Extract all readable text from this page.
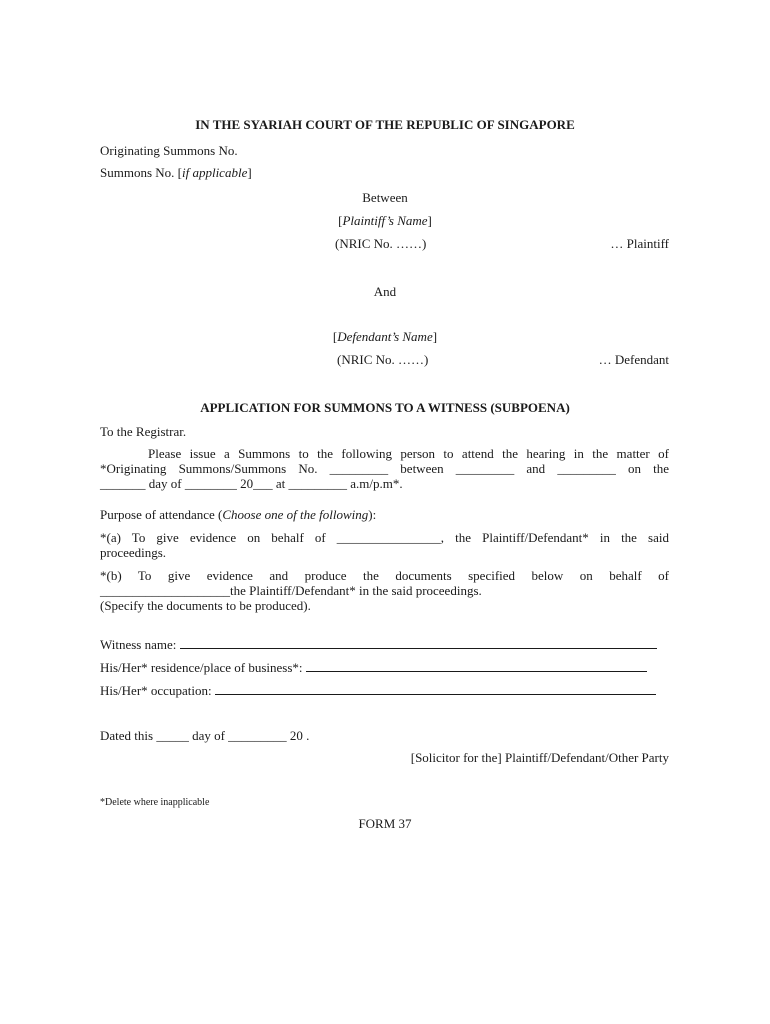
IN THE SYARIAH COURT OF THE REPUBLIC OF SINGAPORE
Originating Summons No.
Summons No. [if applicable]
Between
[Plaintiff’s Name]
(NRIC No. ……)	… Plaintiff
And
[Defendant’s Name]
(NRIC No. ……)	… Defendant
APPLICATION FOR SUMMONS TO A WITNESS (SUBPOENA)
To the Registrar.
Please issue a Summons to the following person to attend the hearing in the matter of
*Originating Summons/Summons No. _________ between _________ and _________ on the
_______ day of ________ 20___ at _________ a.m/p.m*.
Purpose of attendance (Choose one of the following):
*(a) To give evidence on behalf of ________________, the Plaintiff/Defendant* in the said
proceedings.
*(b) To give evidence and produce the documents specified below on behalf of
____________________the Plaintiff/Defendant* in the said proceedings.
(Specify the documents to be produced).
Witness name:
His/Her* residence/place of business*:
His/Her* occupation:
Dated this _____ day of _________ 20 .
[Solicitor for the] Plaintiff/Defendant/Other Party
*Delete where inapplicable
FORM 37
